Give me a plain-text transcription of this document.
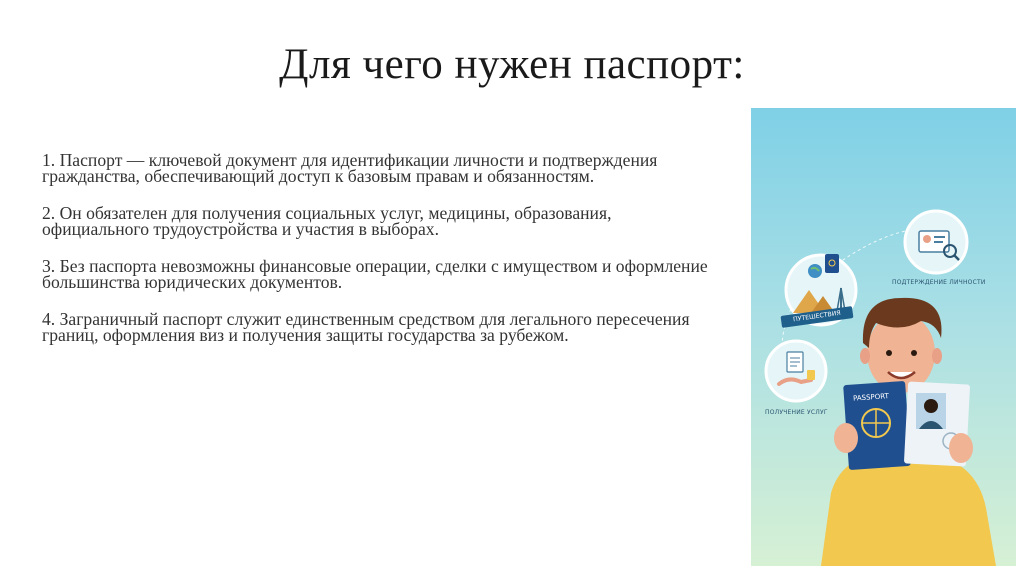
Для чего нужен паспорт:

1. Паспорт — ключевой документ для идентификации личности и подтверждения гражданства, обеспечивающий доступ к базовым правам и обязанностям.

2. Он обязателен для получения социальных услуг, медицины, образования, официального трудоустройства и участия в выборах.

3. Без паспорта невозможны финансовые операции, сделки с имуществом и оформление большинства юридических документов.

4. Заграничный паспорт служит единственным средством для легального пересечения границ, оформления виз и получения защиты государства за рубежом.

PASSPORT
ПОДТЕРЖДЕНИЕ ЛИЧНОСТИ
ПУТЕШЕСТВИЯ
ПОЛУЧЕНИЕ УСЛУГ
